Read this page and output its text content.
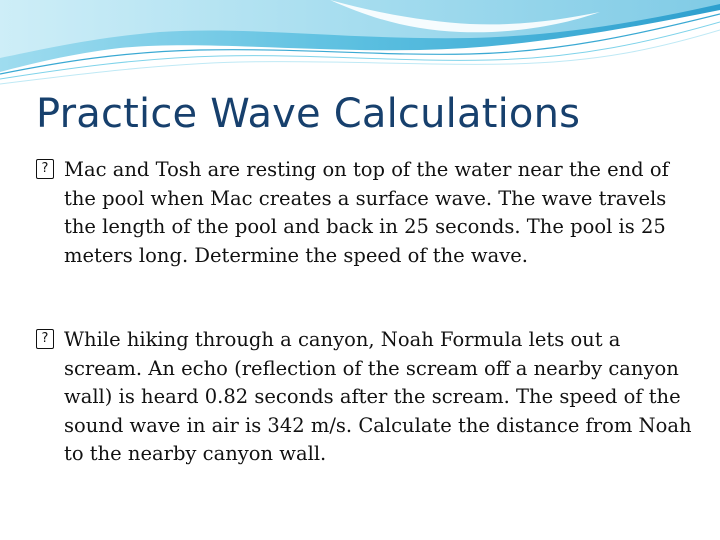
Practice Wave Calculations
? Mac and Tosh are resting on top of the water near the end of the pool when Mac creates a surface wave. The wave travels the length of the pool and back in 25 seconds. The pool is 25 meters long. Determine the speed of the wave.
? While hiking through a canyon, Noah Formula lets out a scream. An echo (reflection of the scream off a nearby canyon wall) is heard 0.82 seconds after the scream. The speed of the sound wave in air is 342 m/s. Calculate the distance from Noah to the nearby canyon wall.
